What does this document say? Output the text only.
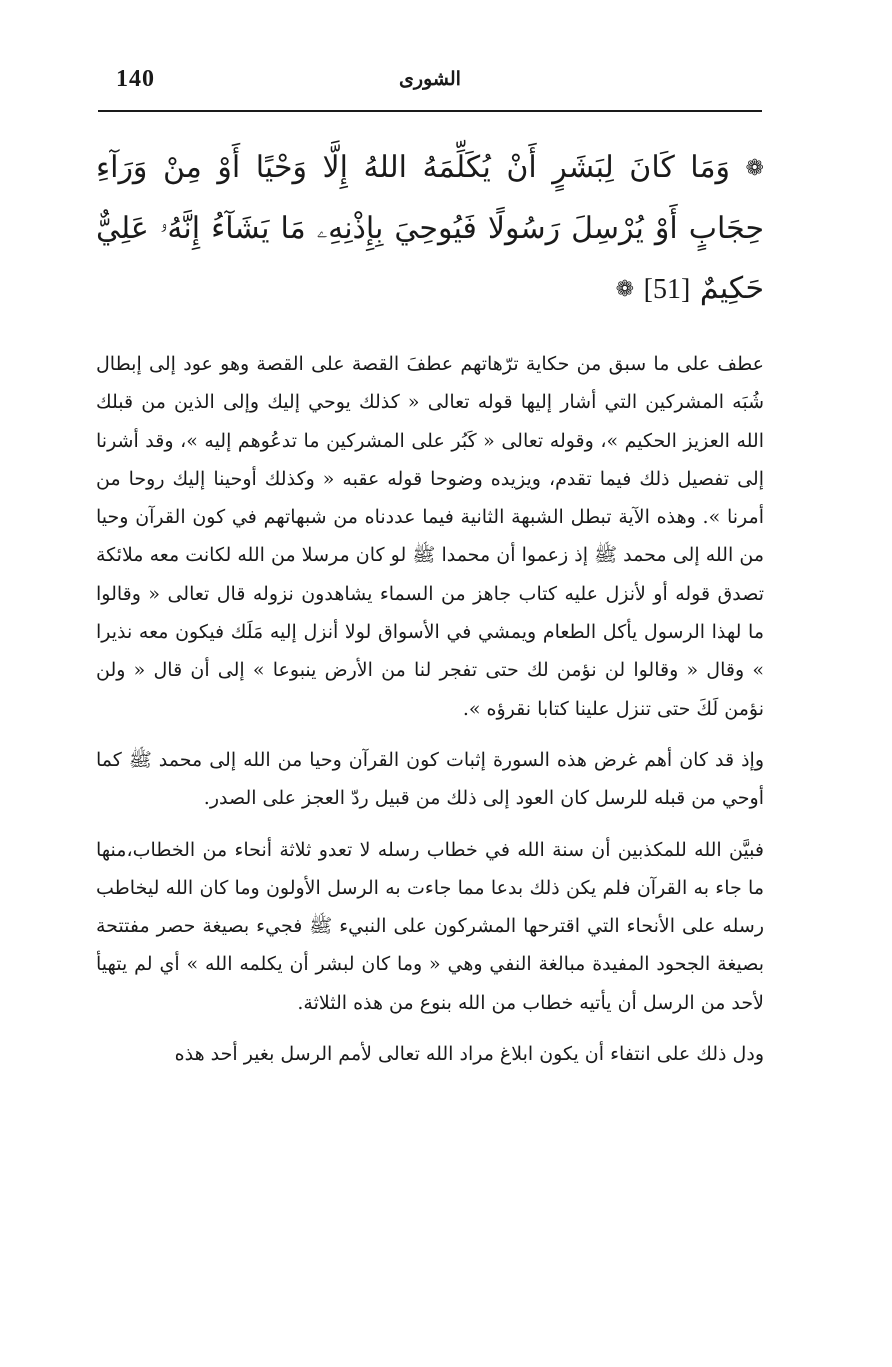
140	الشورى
❁ وَمَا كَانَ لِبَشَرٍ أَنْ يُكَلِّمَهُ اللهُ إِلَّا وَحْيًا أَوْ مِنْ وَرَآءِ حِجَابٍ أَوْ يُرْسِلَ رَسُولًا فَيُوحِيَ بِإِذْنِهِۦ مَا يَشَآءُ إِنَّهُۥ عَلِيٌّ حَكِيمٌ [51] ❁

عطف على ما سبق من حكاية ترّهاتهم عطفَ القصة على القصة وهو عود إلى إبطال شُبَه المشركين التي أشار إليها قوله تعالى « كذلك يوحي إليك وإلى الذين من قبلك الله العزيز الحكيم »، وقوله تعالى « كَبُر على المشركين ما تدعُوهم إليه »، وقد أشرنا إلى تفصيل ذلك فيما تقدم، ويزيده وضوحا قوله عقبه « وكذلك أوحينا إليك روحا من أمرنا ». وهذه الآية تبطل الشبهة الثانية فيما عددناه من شبهاتهم في كون القرآن وحيا من الله إلى محمد ﷺ إذ زعموا أن محمدا ﷺ لو كان مرسلا من الله لكانت معه ملائكة تصدق قوله أو لأنزل عليه كتاب جاهز من السماء يشاهدون نزوله قال تعالى « وقالوا ما لهذا الرسول يأكل الطعام ويمشي في الأسواق لولا أنزل إليه مَلَك فيكون معه نذيرا » وقال « وقالوا لن نؤمن لك حتى تفجر لنا من الأرض ينبوعا » إلى أن قال « ولن نؤمن لَكَ حتى تنزل علينا كتابا نقرؤه ».

وإذ قد كان أهم غرض هذه السورة إثبات كون القرآن وحيا من الله إلى محمد ﷺ كما أوحي من قبله للرسل كان العود إلى ذلك من قبيل ردّ العجز على الصدر.

فبيَّن الله للمكذبين أن سنة الله في خطاب رسله لا تعدو ثلاثة أنحاء من الخطاب،منها ما جاء به القرآن فلم يكن ذلك بدعا مما جاءت به الرسل الأولون وما كان الله ليخاطب رسله على الأنحاء التي اقترحها المشركون على النبيء ﷺ فجيء بصيغة حصر مفتتحة بصيغة الجحود المفيدة مبالغة النفي وهي « وما كان لبشر أن يكلمه الله » أي لم يتهيأ لأحد من الرسل أن يأتيه خطاب من الله بنوع من هذه الثلاثة.

ودل ذلك على انتفاء أن يكون ابلاغ مراد الله تعالى لأمم الرسل بغير أحد هذه
